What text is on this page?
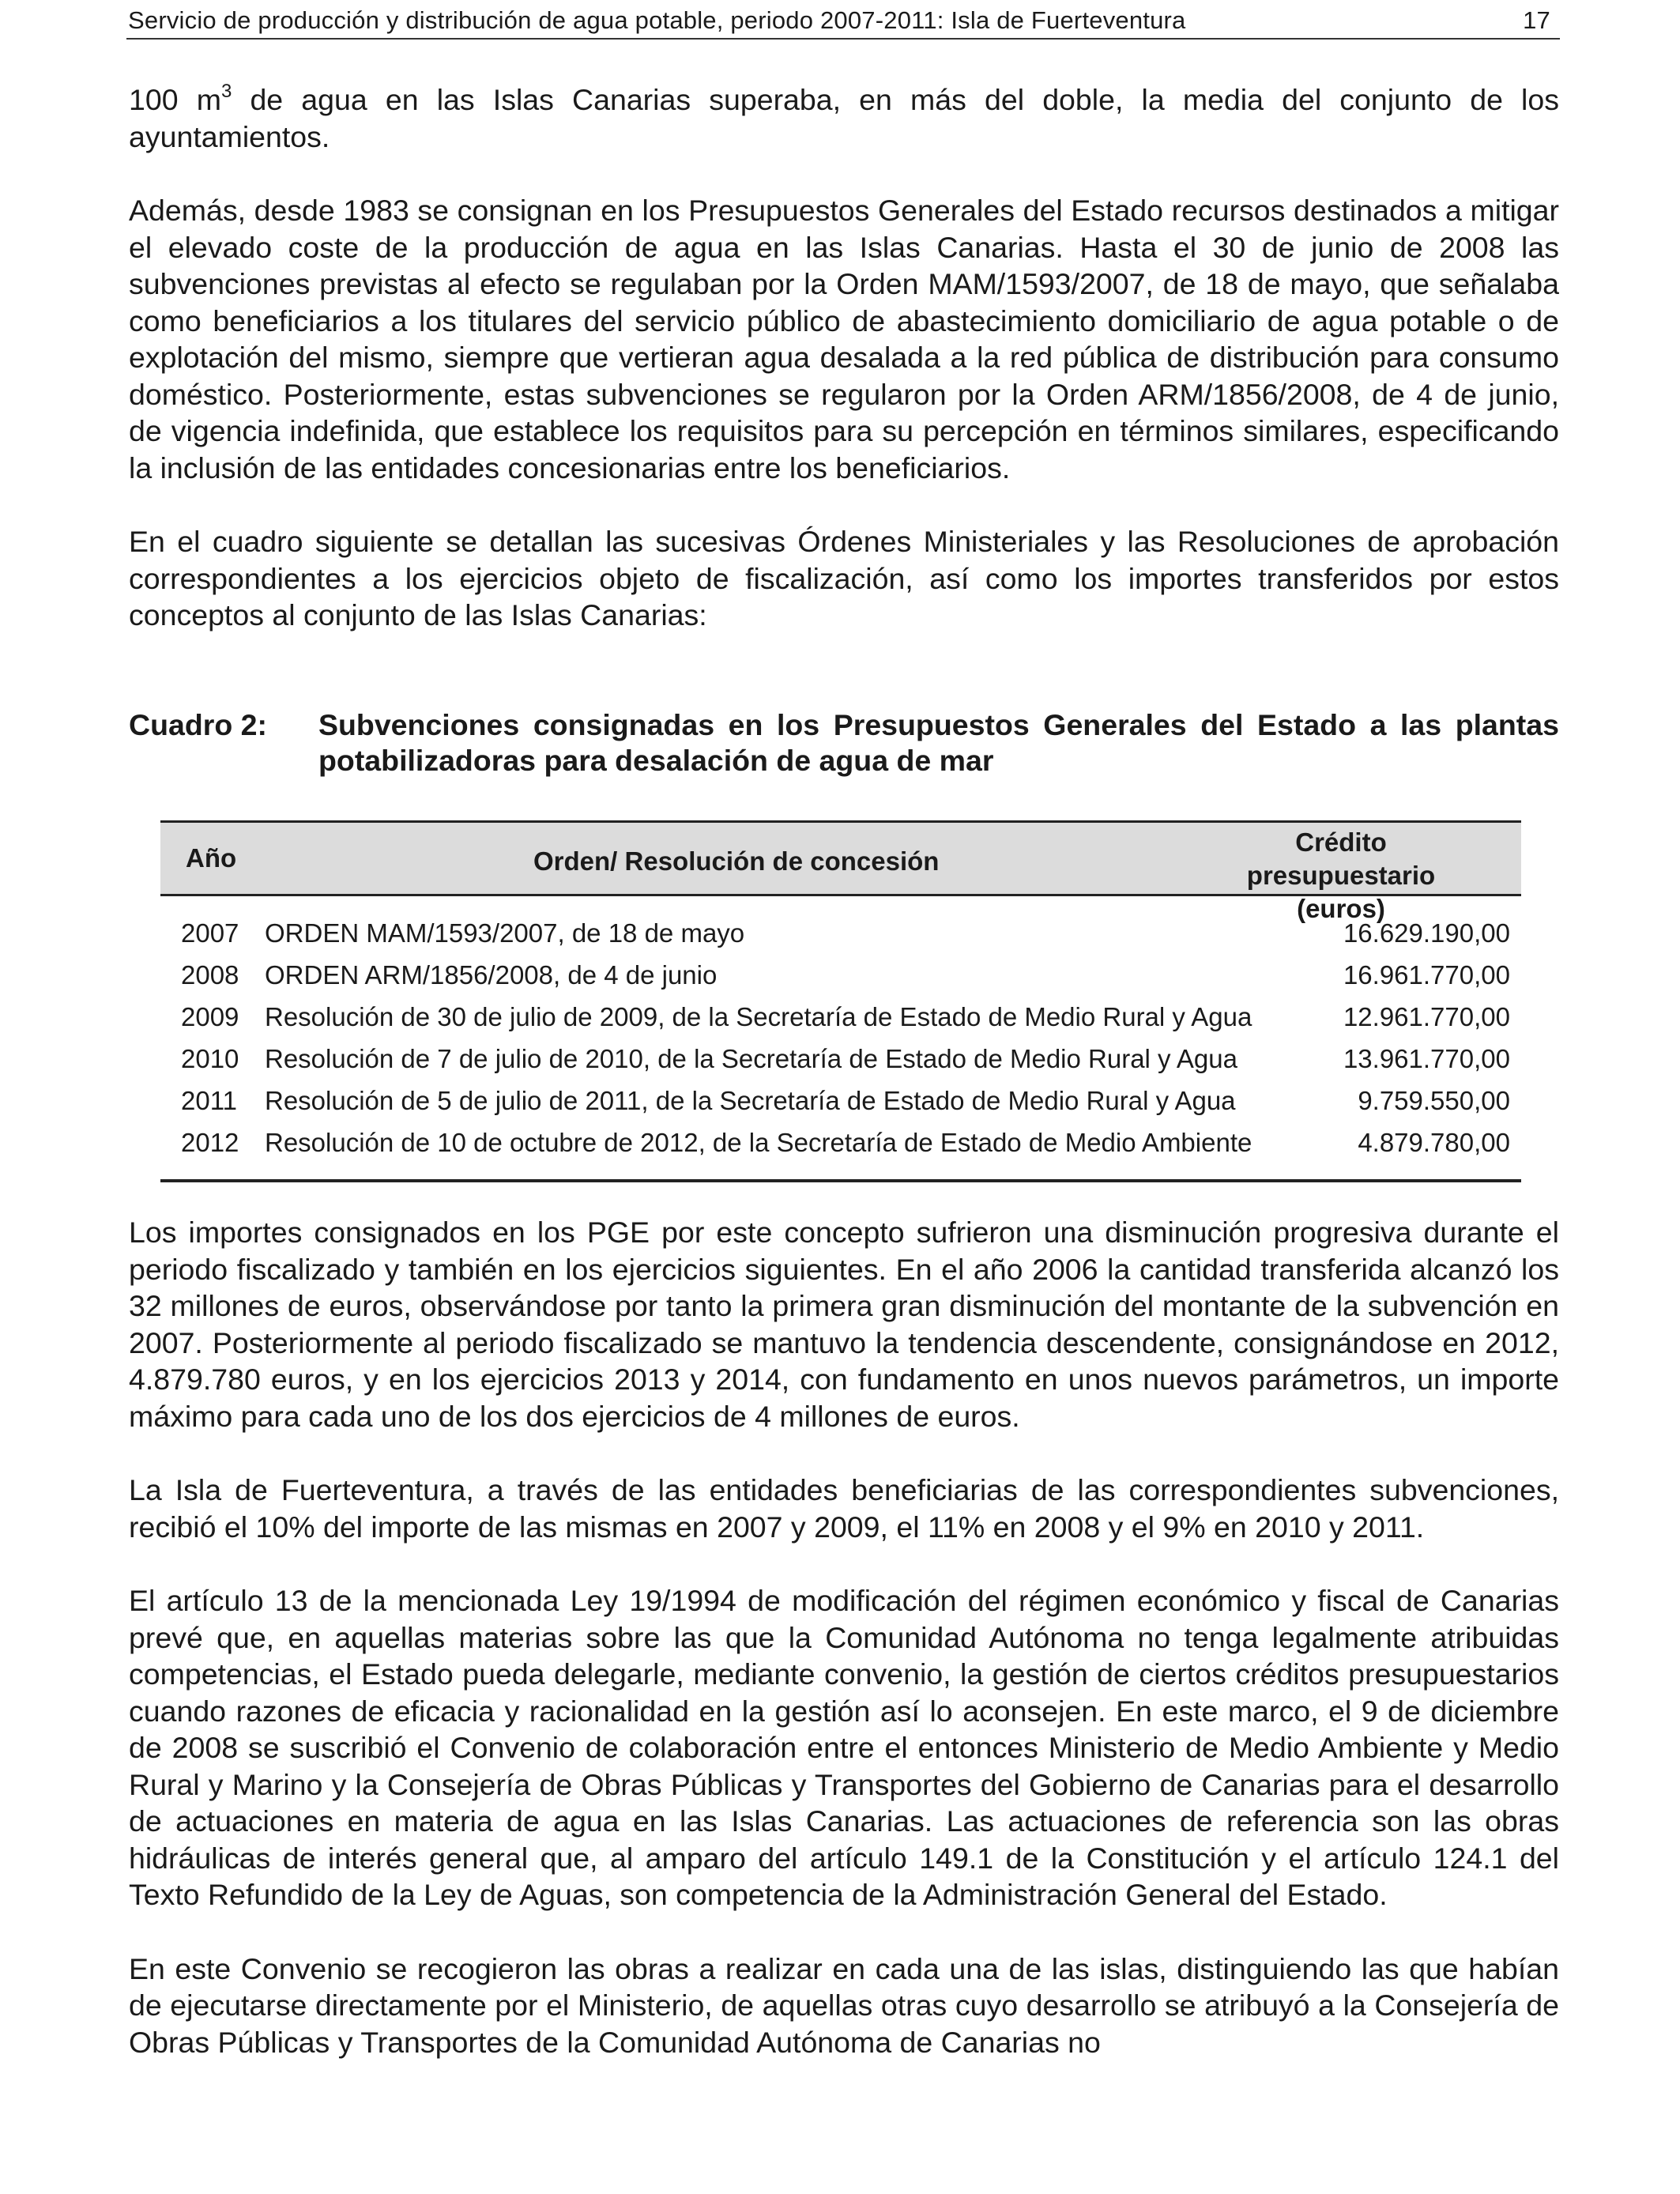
Servicio de producción y distribución de agua potable, periodo 2007-2011: Isla de Fuerteventura	17

100 $m^3$ de agua en las Islas Canarias superaba, en más del doble, la media del conjunto de los ayuntamientos.

Además, desde 1983 se consignan en los Presupuestos Generales del Estado recursos destinados a mitigar el elevado coste de la producción de agua en las Islas Canarias. Hasta el 30 de junio de 2008 las subvenciones previstas al efecto se regulaban por la Orden MAM/1593/2007, de 18 de mayo, que señalaba como beneficiarios a los titulares del servicio público de abastecimiento domiciliario de agua potable o de explotación del mismo, siempre que vertieran agua desalada a la red pública de distribución para consumo doméstico. Posteriormente, estas subvenciones se regularon por la Orden ARM/1856/2008, de 4 de junio, de vigencia indefinida, que establece los requisitos para su percepción en términos similares, especificando la inclusión de las entidades concesionarias entre los beneficiarios.

En el cuadro siguiente se detallan las sucesivas Órdenes Ministeriales y las Resoluciones de aprobación correspondientes a los ejercicios objeto de fiscalización, así como los importes transferidos por estos conceptos al conjunto de las Islas Canarias:

Cuadro 2: Subvenciones consignadas en los Presupuestos Generales del Estado a las plantas potabilizadoras para desalación de agua de mar
Año	Orden/ Resolución de concesión
Crédito presupuestario
(euros)
2007 ORDEN MAM/1593/2007, de 18 de mayo	16.629.190,00
2008 ORDEN ARM/1856/2008, de 4 de junio	16.961.770,00
2009 Resolución de 30 de julio de 2009, de la Secretaría de Estado de Medio Rural y Agua	12.961.770,00
2010 Resolución de 7 de julio de 2010, de la Secretaría de Estado de Medio Rural y Agua	13.961.770,00
2011 Resolución de 5 de julio de 2011, de la Secretaría de Estado de Medio Rural y Agua	9.759.550,00
2012 Resolución de 10 de octubre de 2012, de la Secretaría de Estado de Medio Ambiente	4.879.780,00

Los importes consignados en los PGE por este concepto sufrieron una disminución progresiva durante el periodo fiscalizado y también en los ejercicios siguientes. En el año 2006 la cantidad transferida alcanzó los 32 millones de euros, observándose por tanto la primera gran disminución del montante de la subvención en 2007. Posteriormente al periodo fiscalizado se mantuvo la tendencia descendente, consignándose en 2012, 4.879.780 euros, y en los ejercicios 2013 y 2014, con fundamento en unos nuevos parámetros, un importe máximo para cada uno de los dos ejercicios de 4 millones de euros.

La Isla de Fuerteventura, a través de las entidades beneficiarias de las correspondientes subvenciones, recibió el 10% del importe de las mismas en 2007 y 2009, el 11% en 2008 y el 9% en 2010 y 2011.

El artículo 13 de la mencionada Ley 19/1994 de modificación del régimen económico y fiscal de Canarias prevé que, en aquellas materias sobre las que la Comunidad Autónoma no tenga legalmente atribuidas competencias, el Estado pueda delegarle, mediante convenio, la gestión de ciertos créditos presupuestarios cuando razones de eficacia y racionalidad en la gestión así lo aconsejen. En este marco, el 9 de diciembre de 2008 se suscribió el Convenio de colaboración entre el entonces Ministerio de Medio Ambiente y Medio Rural y Marino y la Consejería de Obras Públicas y Transportes del Gobierno de Canarias para el desarrollo de actuaciones en materia de agua en las Islas Canarias. Las actuaciones de referencia son las obras hidráulicas de interés general que, al amparo del artículo 149.1 de la Constitución y el artículo 124.1 del Texto Refundido de la Ley de Aguas, son competencia de la Administración General del Estado.

En este Convenio se recogieron las obras a realizar en cada una de las islas, distinguiendo las que habían de ejecutarse directamente por el Ministerio, de aquellas otras cuyo desarrollo se atribuyó a la Consejería de Obras Públicas y Transportes de la Comunidad Autónoma de Canarias no
